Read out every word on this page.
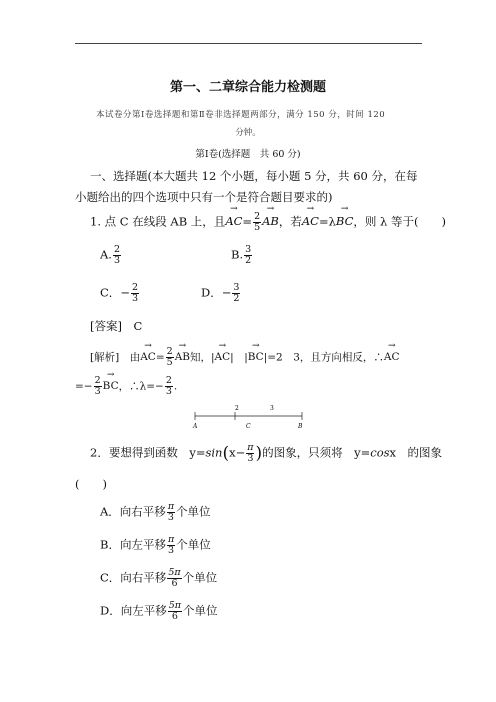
第一、二章综合能力检测题
本试卷分第Ⅰ卷选择题和第Ⅱ卷非选择题两部分，满分 150 分，时间 120
分钟。
第Ⅰ卷(选择题　共 60 分)
一、选择题(本大题共 12 个小题，每小题 5 分，共 60 分，在每
小题给出的四个选项中只有一个是符合题目要求的)
1. 点 C 在线段 AB 上，且→ $AC= \frac{2}{5}$ → AB，若→ AC=λ→ BC，则 λ 等于(　　)
A. $\frac{2}{3}$	B. $\frac{3}{2}$
C．− $\frac{2}{3}$	D．− $\frac{3}{2}$
[答案]　 C
[解析]　 由→ $AC= \frac{2}{5}$ → AB知，|→ AC|　|→ BC|=2　3，且方向相反，∴→ AC
=− $\frac{2}{3}$ → BC，∴λ=− $\frac{2}{3}$ .
2	3
A	C	B
2．要想得到函数　$y=\sin(x- \frac{\pi}{3}$ )的图象，只须将　y=cosx　的图象
(　　)
A．向右平移 $\frac{\pi}{3}$ 个单位
B．向左平移 $\frac{\pi}{3}$ 个单位
C．向右平移 $\frac{5\pi}{6}$ 个单位
D．向左平移 $\frac{5\pi}{6}$ 个单位
